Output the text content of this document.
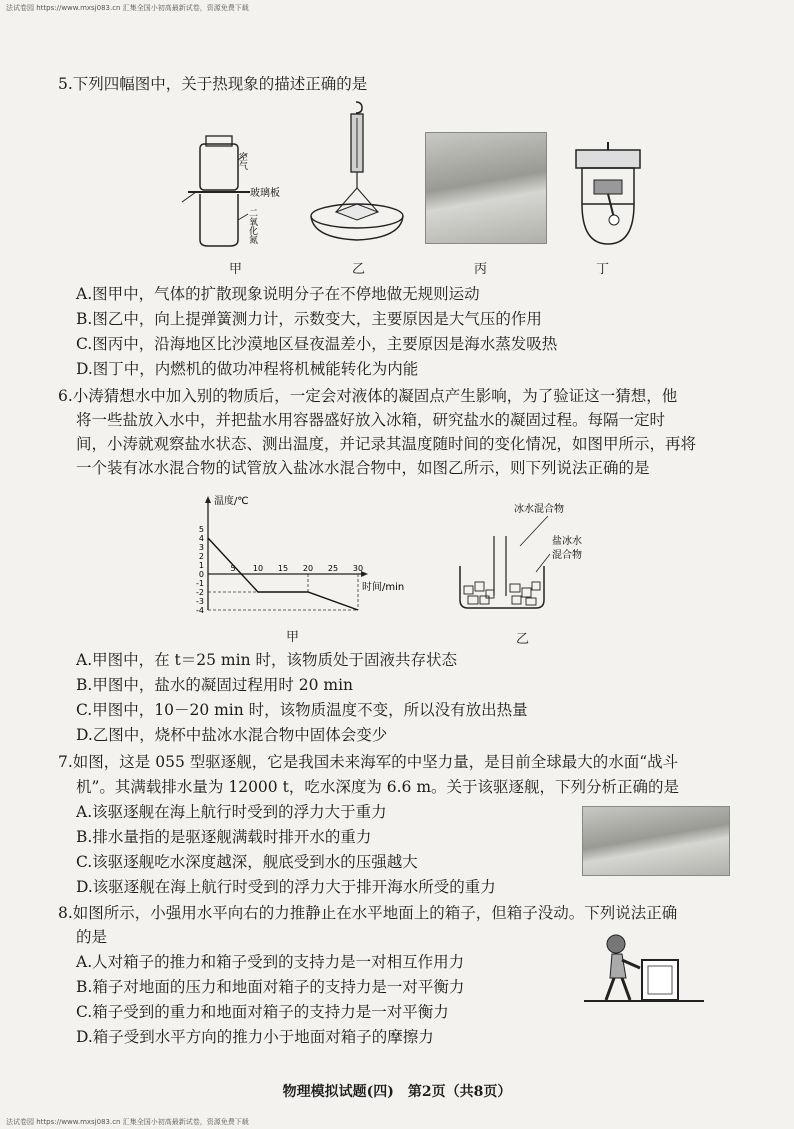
法试卷园 https://www.mxsj083.cn 汇集全国小初高最新试卷，资源免费下载
5.下列四幅图中，关于热现象的描述正确的是
空气
玻璃板
二氧化氮
甲	乙	丙	丁
A.图甲中，气体的扩散现象说明分子在不停地做无规则运动
B.图乙中，向上提弹簧测力计，示数变大，主要原因是大气压的作用
C.图丙中，沿海地区比沙漠地区昼夜温差小，主要原因是海水蒸发吸热
D.图丁中，内燃机的做功冲程将机械能转化为内能
6.小涛猜想水中加入别的物质后，一定会对液体的凝固点产生影响，为了验证这一猜想，他
将一些盐放入水中，并把盐水用容器盛好放入冰箱，研究盐水的凝固过程。每隔一定时
间，小涛就观察盐水状态、测出温度，并记录其温度随时间的变化情况，如图甲所示，再将
一个装有冰水混合物的试管放入盐冰水混合物中，如图乙所示，则下列说法正确的是
温度/℃
时间/min
5
4
3
2
1
0
-1
-2
-3
-4
5 10 15 20 25 30
冰水混合物
盐冰水
混合物
甲	乙
A.甲图中，在 t＝25 min 时，该物质处于固液共存状态
B.甲图中，盐水的凝固过程用时 20 min
C.甲图中，10－20 min 时，该物质温度不变，所以没有放出热量
D.乙图中，烧杯中盐冰水混合物中固体会变少
7.如图，这是 055 型驱逐舰，它是我国未来海军的中坚力量，是目前全球最大的水面“战斗
机”。其满载排水量为 12000 t，吃水深度为 6.6 m。关于该驱逐舰，下列分析正确的是
A.该驱逐舰在海上航行时受到的浮力大于重力
B.排水量指的是驱逐舰满载时排开水的重力
C.该驱逐舰吃水深度越深，舰底受到水的压强越大
D.该驱逐舰在海上航行时受到的浮力大于排开海水所受的重力
8.如图所示，小强用水平向右的力推静止在水平地面上的箱子，但箱子没动。下列说法正确
的是
A.人对箱子的推力和箱子受到的支持力是一对相互作用力
B.箱子对地面的压力和地面对箱子的支持力是一对平衡力
C.箱子受到的重力和地面对箱子的支持力是一对平衡力
D.箱子受到水平方向的推力小于地面对箱子的摩擦力
物理模拟试题(四)　第2页（共8页）
法试卷园 https://www.mxsj083.cn 汇集全国小初高最新试卷，资源免费下载
